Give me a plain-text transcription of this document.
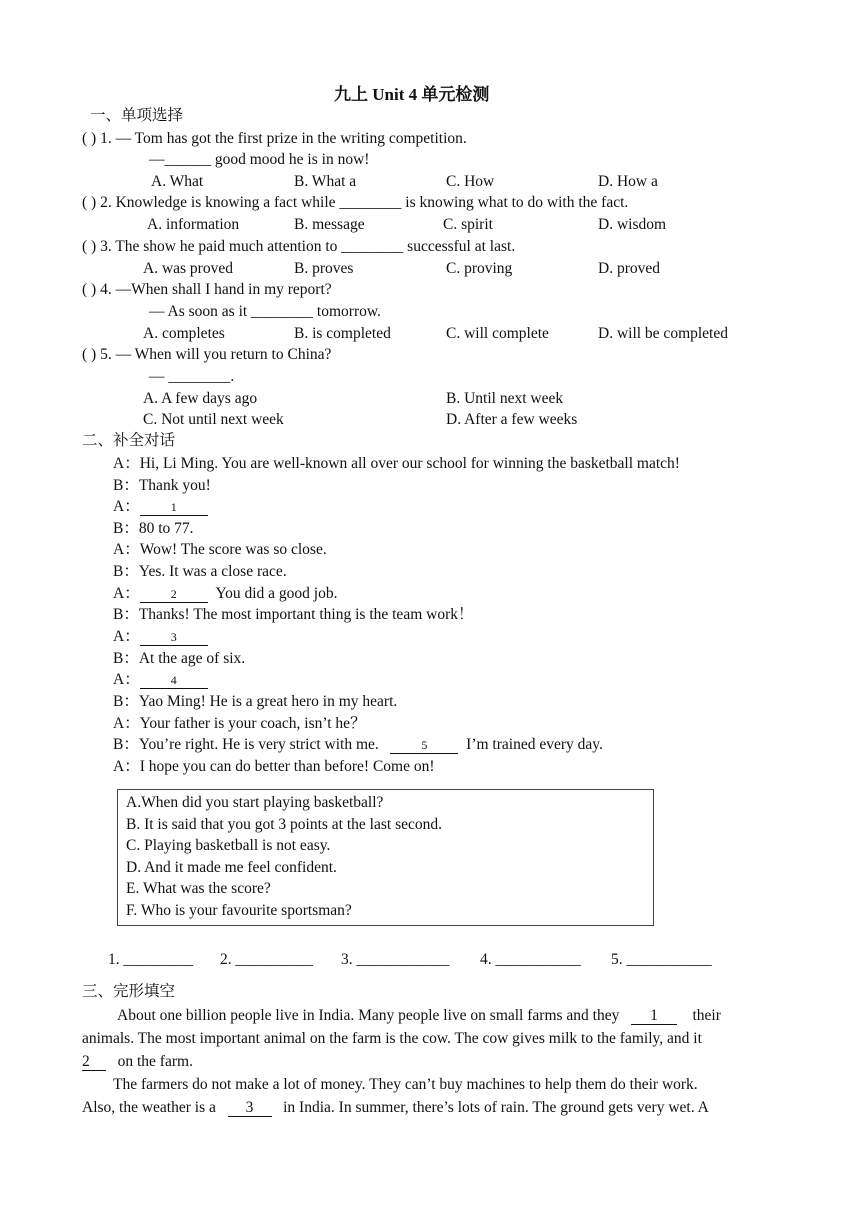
九上 Unit 4 单元检测
一、单项选择
( ) 1. — Tom has got the first prize in the writing competition.
—______ good mood he is in now!
A. What	B. What a	C. How	D. How a
( ) 2. Knowledge is knowing a fact while ________ is knowing what to do with the fact.
A. information	B. message	C. spirit	D. wisdom
( ) 3. The show he paid much attention to ________ successful at last.
A. was proved	B. proves	C. proving	D. proved
( ) 4. —When shall I hand in my report?
— As soon as it ________ tomorrow.
A. completes	B. is completed	C. will complete	D. will be completed
( ) 5. — When will you return to China?
— ________.
A. A few days ago	B. Until next week
C. Not until next week	D. After a few weeks
二、补全对话
A：Hi, Li Ming. You are well-known all over our school for winning the basketball match!
B：Thank you!
A：	1
B：80 to 77.
A：Wow! The score was so close.
B：Yes. It was a close race.
A：	2	You did a good job.
B：Thanks! The most important thing is the team work！
A：	3
B：At the age of six.
A：	4
B：Yao Ming! He is a great hero in my heart.
A：Your father is your coach, isn’t he？
B：You’re right. He is very strict with me.	5	I’m trained every day.
A：I hope you can do better than before! Come on!
A.When did you start playing basketball?
B. It is said that you got 3 points at the last second.
C. Playing basketball is not easy.
D. And it made me feel confident.
E. What was the score?
F. Who is your favourite sportsman?
1. _________ 2. __________ 3. ____________ 4. ___________ 5. ___________
三、完形填空
About one billion people live in India. Many people live on small farms and they 1 their
animals. The most important animal on the farm is the cow. The cow gives milk to the family, and it
2 on the farm.
The farmers do not make a lot of money. They can’t buy machines to help them do their work.
Also, the weather is a 3 in India. In summer, there’s lots of rain. The ground gets very wet. A
